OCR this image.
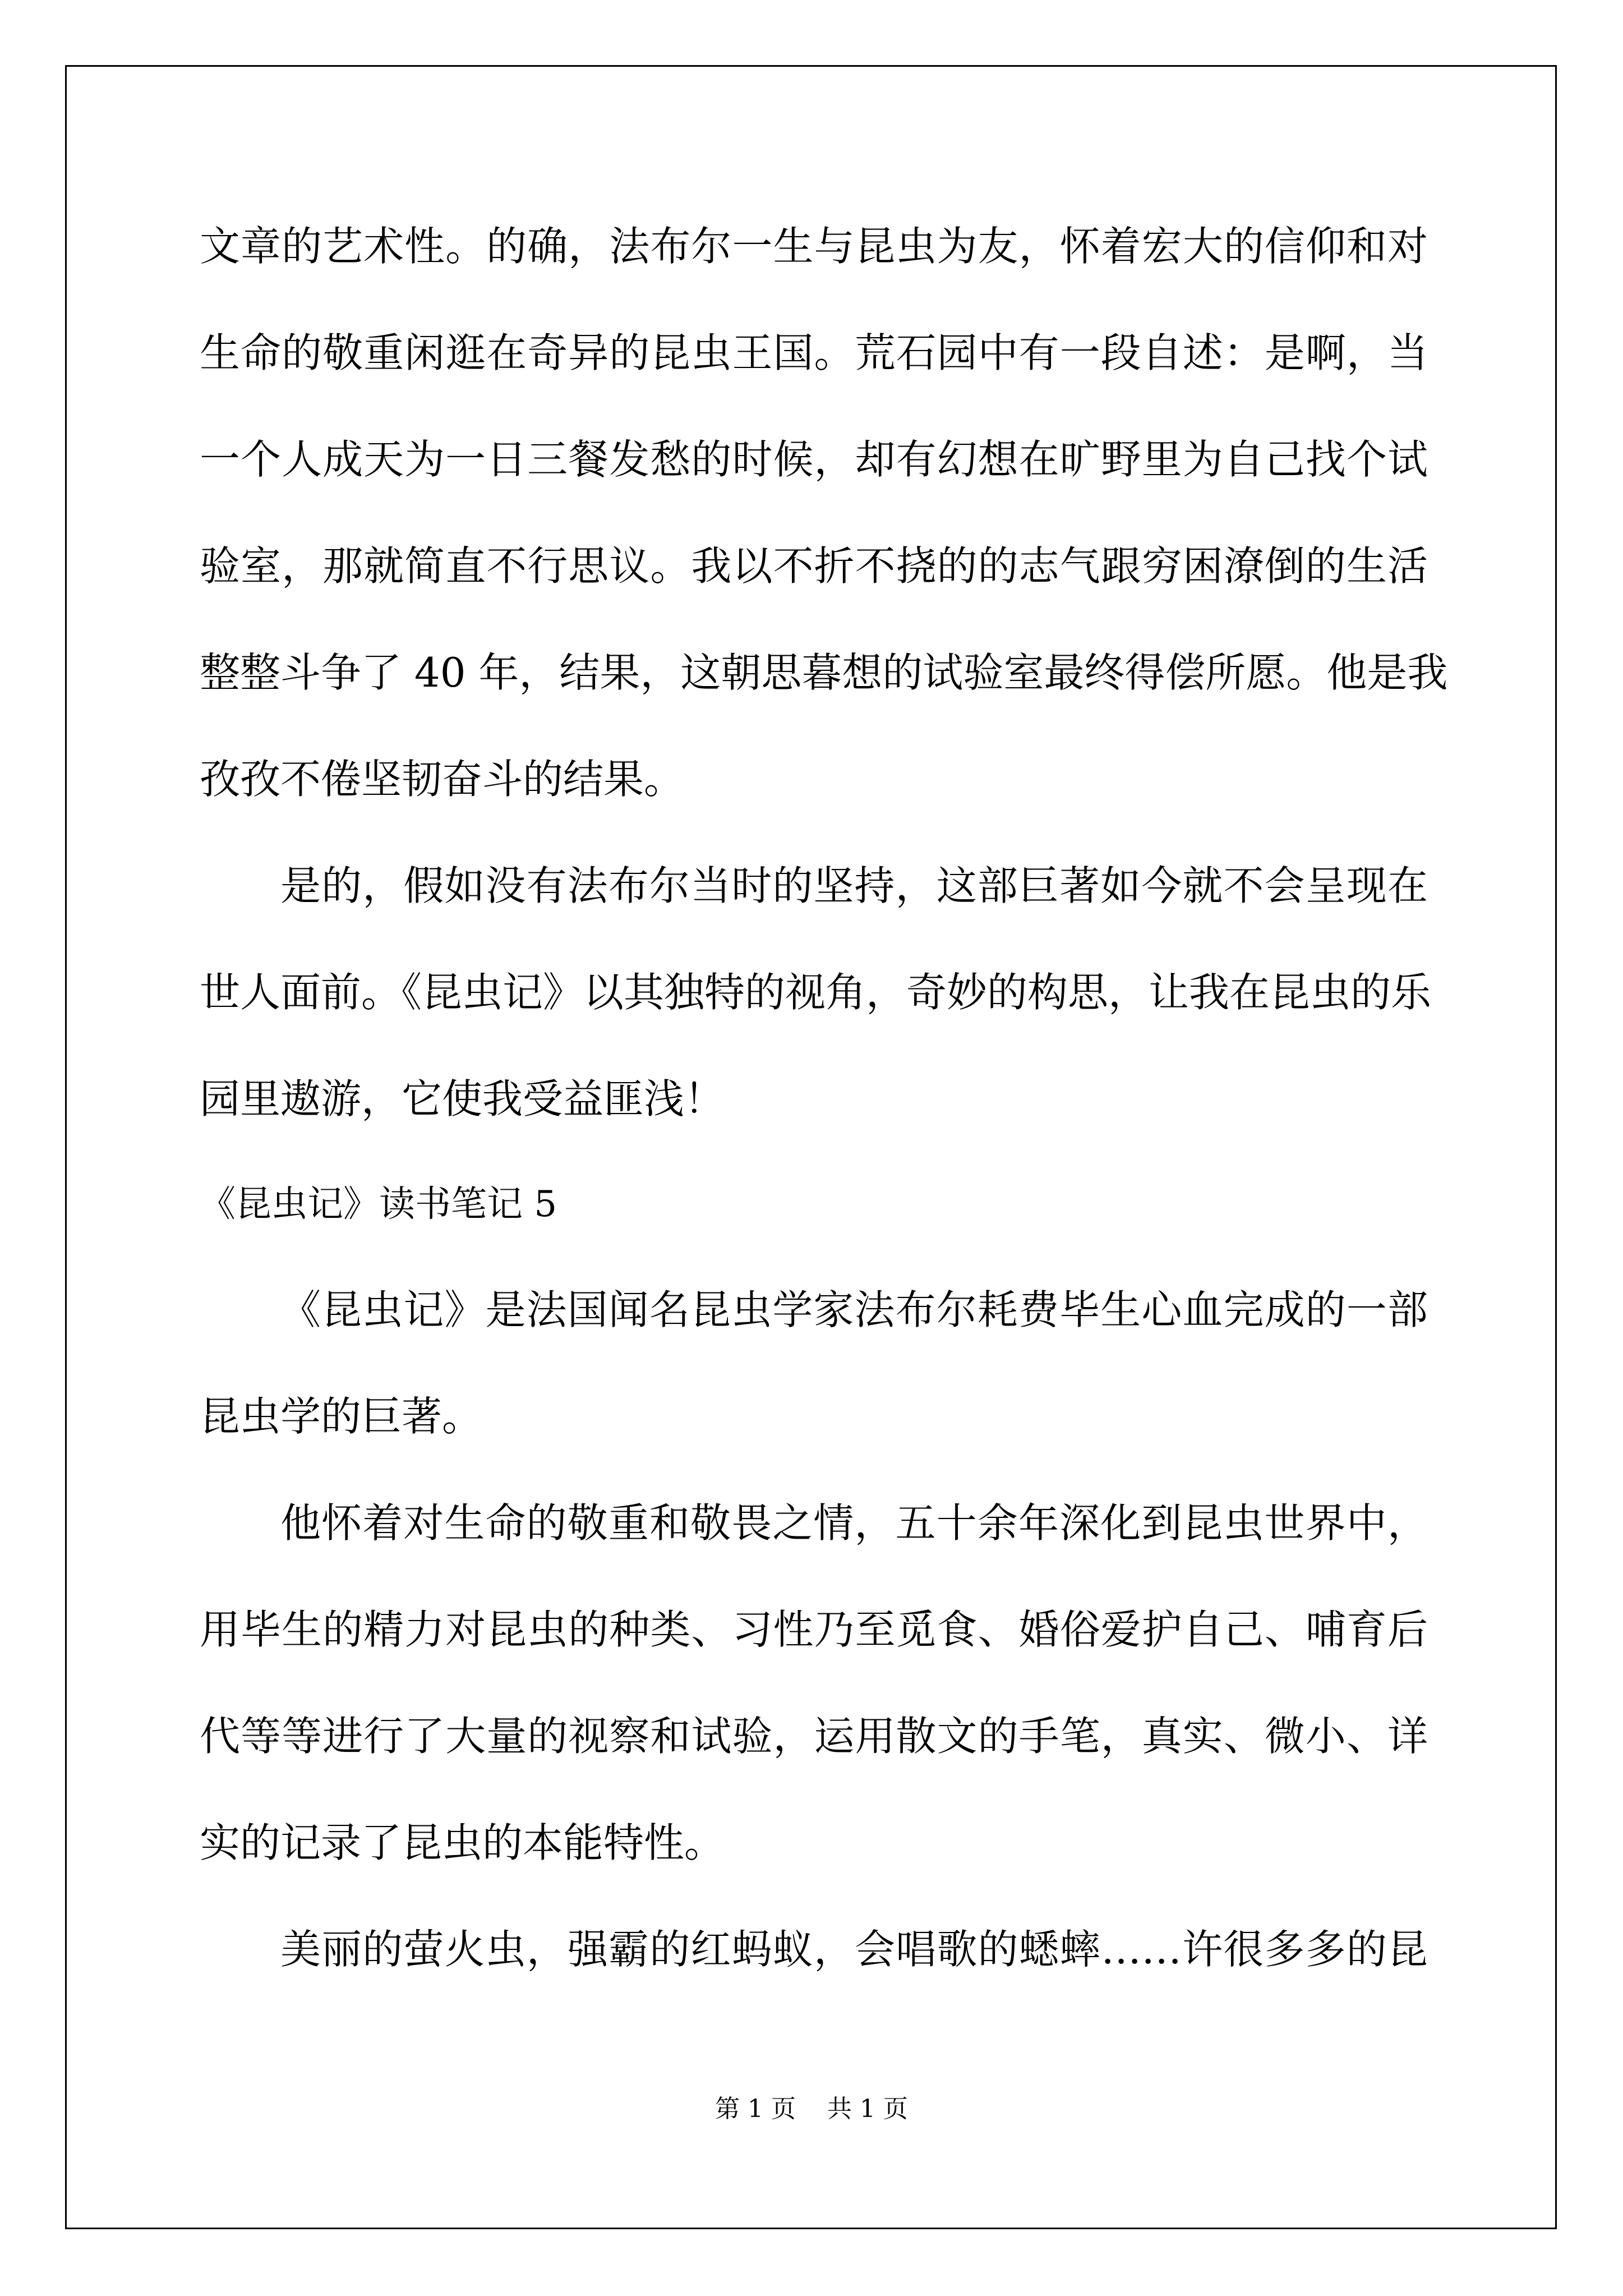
文章的艺术性。的确，法布尔一生与昆虫为友，怀着宏大的信仰和对
生命的敬重闲逛在奇异的昆虫王国。荒石园中有一段自述：是啊，当
一个人成天为一日三餐发愁的时候，却有幻想在旷野里为自己找个试
验室，那就简直不行思议。我以不折不挠的的志气跟穷困潦倒的生活
整整斗争了 40 年，结果，这朝思暮想的试验室最终得偿所愿。他是我
孜孜不倦坚韧奋斗的结果。
是的，假如没有法布尔当时的坚持，这部巨著如今就不会呈现在
世人面前。《昆虫记》以其独特的视角，奇妙的构思，让我在昆虫的乐
园里遨游，它使我受益匪浅！
《昆虫记》读书笔记 5
《昆虫记》是法国闻名昆虫学家法布尔耗费毕生心血完成的一部
昆虫学的巨著。
他怀着对生命的敬重和敬畏之情，五十余年深化到昆虫世界中，
用毕生的精力对昆虫的种类、习性乃至觅食、婚俗爱护自己、哺育后
代等等进行了大量的视察和试验，运用散文的手笔，真实、微小、详
实的记录了昆虫的本能特性。
美丽的萤火虫，强霸的红蚂蚁，会唱歌的蟋蟀……许很多多的昆
第 1 页    共 1 页
